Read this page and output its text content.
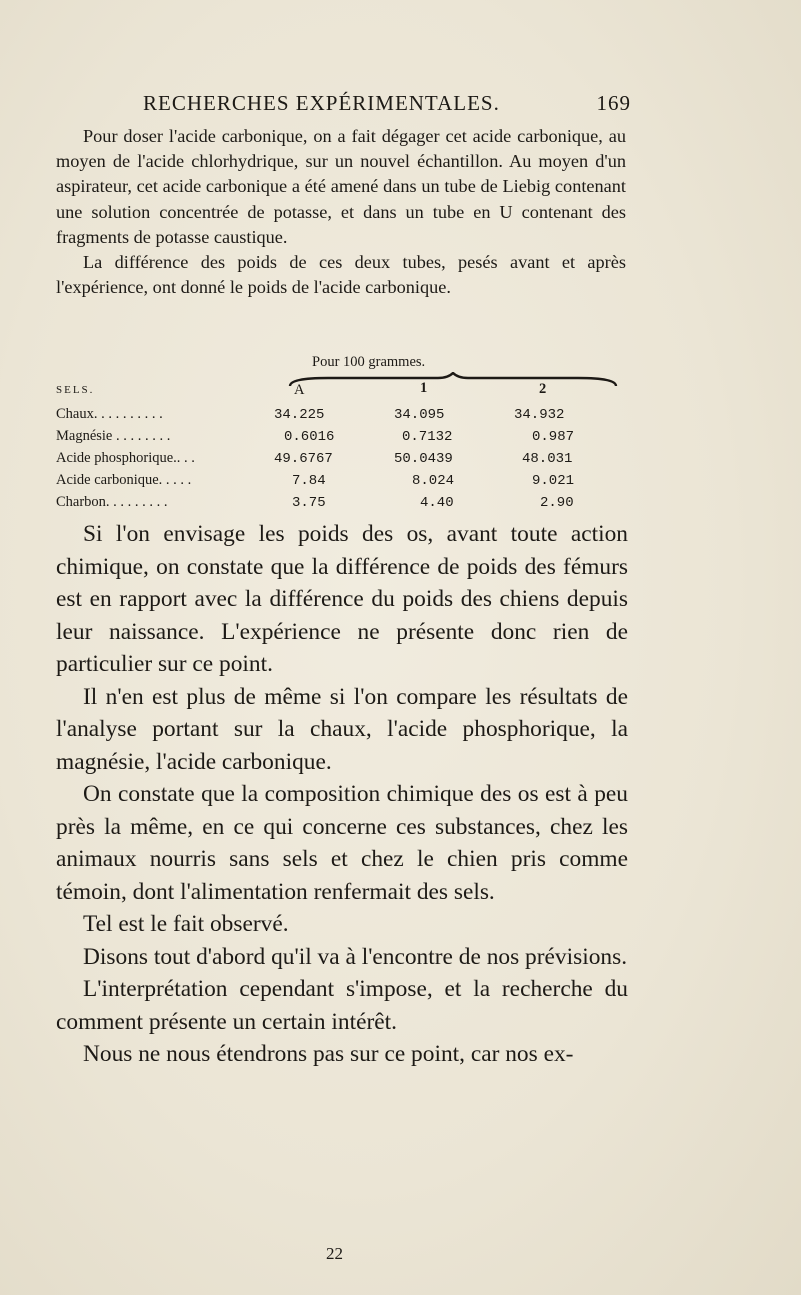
RECHERCHES EXPÉRIMENTALES.	169
Pour doser l'acide carbonique, on a fait dégager cet acide carbonique, au moyen de l'acide chlorhydrique, sur un nouvel échantillon. Au moyen d'un aspirateur, cet acide carbonique a été amené dans un tube de Liebig contenant une solution concentrée de potasse, et dans un tube en U contenant des fragments de potasse caustique.
La différence des poids de ces deux tubes, pesés avant et après l'expérience, ont donné le poids de l'acide carbonique.
Pour 100 grammes.
SELS.	A	1	2
Chaux. . . . . . . . . .	34.225	34.095	34.932
Magnésie . . . . . . . .	0.6016	0.7132	0.987
Acide phosphorique.. . .	49.6767	50.0439	48.031
Acide carbonique. . . . .	7.84	8.024	9.021
Charbon. . . . . . . . .	3.75	4.40	2.90
Si l'on envisage les poids des os, avant toute action chimique, on constate que la différence de poids des fémurs est en rapport avec la différence du poids des chiens depuis leur naissance. L'expérience ne présente donc rien de particulier sur ce point.
Il n'en est plus de même si l'on compare les résultats de l'analyse portant sur la chaux, l'acide phosphorique, la magnésie, l'acide carbonique.
On constate que la composition chimique des os est à peu près la même, en ce qui concerne ces substances, chez les animaux nourris sans sels et chez le chien pris comme témoin, dont l'alimentation renfermait des sels.
Tel est le fait observé.
Disons tout d'abord qu'il va à l'encontre de nos prévisions.
L'interprétation cependant s'impose, et la recherche du comment présente un certain intérêt.
Nous ne nous étendrons pas sur ce point, car nos ex-
22
